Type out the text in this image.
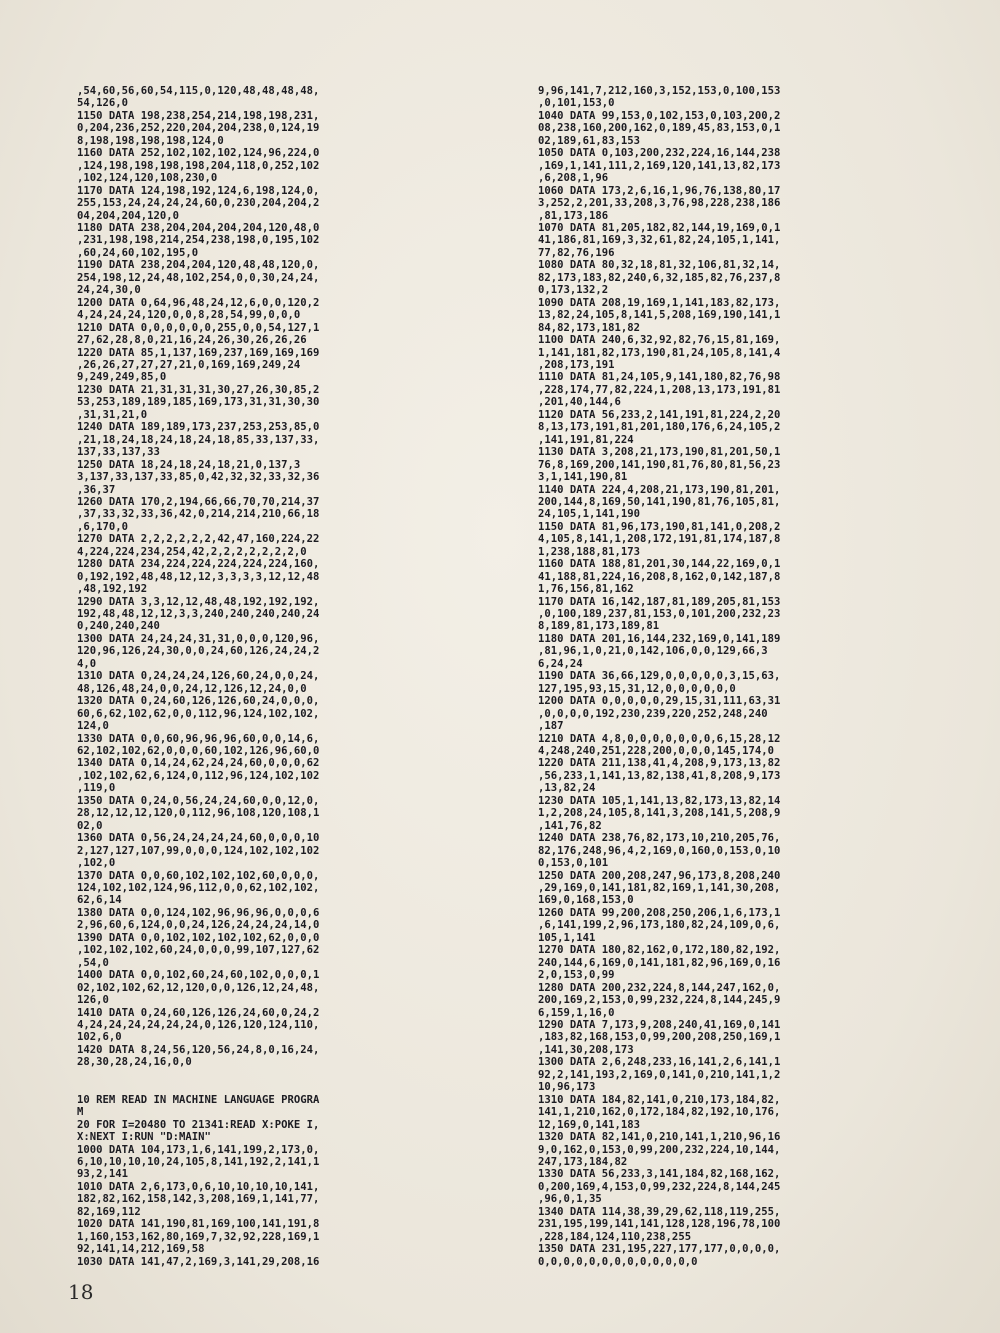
,54,60,56,60,54,115,0,120,48,48,48,48,
54,126,0
1150 DATA 198,238,254,214,198,198,231,
0,204,236,252,220,204,204,238,0,124,19
8,198,198,198,198,124,0
1160 DATA 252,102,102,102,124,96,224,0
,124,198,198,198,198,204,118,0,252,102
,102,124,120,108,230,0
1170 DATA 124,198,192,124,6,198,124,0,
255,153,24,24,24,24,60,0,230,204,204,2
04,204,204,120,0
1180 DATA 238,204,204,204,204,120,48,0
,231,198,198,214,254,238,198,0,195,102
,60,24,60,102,195,0
1190 DATA 238,204,204,120,48,48,120,0,
254,198,12,24,48,102,254,0,0,30,24,24,
24,24,30,0
1200 DATA 0,64,96,48,24,12,6,0,0,120,2
4,24,24,24,120,0,0,8,28,54,99,0,0,0
1210 DATA 0,0,0,0,0,0,255,0,0,54,127,1
27,62,28,8,0,21,16,24,26,30,26,26,26
1220 DATA 85,1,137,169,237,169,169,169
,26,26,27,27,27,21,0,169,169,249,24
9,249,249,85,0
1230 DATA 21,31,31,31,30,27,26,30,85,2
53,253,189,189,185,169,173,31,31,30,30
,31,31,21,0
1240 DATA 189,189,173,237,253,253,85,0
,21,18,24,18,24,18,24,18,85,33,137,33,
137,33,137,33
1250 DATA 18,24,18,24,18,21,0,137,3
3,137,33,137,33,85,0,42,32,32,33,32,36
,36,37
1260 DATA 170,2,194,66,66,70,70,214,37
,37,33,32,33,36,42,0,214,214,210,66,18
,6,170,0
1270 DATA 2,2,2,2,2,2,42,47,160,224,22
4,224,224,234,254,42,2,2,2,2,2,2,2,0
1280 DATA 234,224,224,224,224,224,160,
0,192,192,48,48,12,12,3,3,3,3,12,12,48
,48,192,192
1290 DATA 3,3,12,12,48,48,192,192,192,
192,48,48,12,12,3,3,240,240,240,240,24
0,240,240,240
1300 DATA 24,24,24,31,31,0,0,0,120,96,
120,96,126,24,30,0,0,24,60,126,24,24,2
4,0
1310 DATA 0,24,24,24,126,60,24,0,0,24,
48,126,48,24,0,0,24,12,126,12,24,0,0
1320 DATA 0,24,60,126,126,60,24,0,0,0,
60,6,62,102,62,0,0,112,96,124,102,102,
124,0
1330 DATA 0,0,60,96,96,96,60,0,0,14,6,
62,102,102,62,0,0,0,60,102,126,96,60,0
1340 DATA 0,14,24,62,24,24,60,0,0,0,62
,102,102,62,6,124,0,112,96,124,102,102
,119,0
1350 DATA 0,24,0,56,24,24,60,0,0,12,0,
28,12,12,12,120,0,112,96,108,120,108,1
02,0
1360 DATA 0,56,24,24,24,24,60,0,0,0,10
2,127,127,107,99,0,0,0,124,102,102,102
,102,0
1370 DATA 0,0,60,102,102,102,60,0,0,0,
124,102,102,124,96,112,0,0,62,102,102,
62,6,14
1380 DATA 0,0,124,102,96,96,96,0,0,0,6
2,96,60,6,124,0,0,24,126,24,24,24,14,0
1390 DATA 0,0,102,102,102,102,62,0,0,0
,102,102,102,60,24,0,0,0,99,107,127,62
,54,0
1400 DATA 0,0,102,60,24,60,102,0,0,0,1
02,102,102,62,12,120,0,0,126,12,24,48,
126,0
1410 DATA 0,24,60,126,126,24,60,0,24,2
4,24,24,24,24,24,24,0,126,120,124,110,
102,6,0
1420 DATA 8,24,56,120,56,24,8,0,16,24,
28,30,28,24,16,0,0

10 REM READ IN MACHINE LANGUAGE PROGRA
M
20 FOR I=20480 TO 21341:READ X:POKE I,
X:NEXT I:RUN "D:MAIN"
1000 DATA 104,173,1,6,141,199,2,173,0,
6,10,10,10,10,24,105,8,141,192,2,141,1
93,2,141
1010 DATA 2,6,173,0,6,10,10,10,10,141,
182,82,162,158,142,3,208,169,1,141,77,
82,169,112
1020 DATA 141,190,81,169,100,141,191,8
1,160,153,162,80,169,7,32,92,228,169,1
92,141,14,212,169,58
1030 DATA 141,47,2,169,3,141,29,208,16
9,96,141,7,212,160,3,152,153,0,100,153
,0,101,153,0
1040 DATA 99,153,0,102,153,0,103,200,2
08,238,160,200,162,0,189,45,83,153,0,1
02,189,61,83,153
1050 DATA 0,103,200,232,224,16,144,238
,169,1,141,111,2,169,120,141,13,82,173
,6,208,1,96
1060 DATA 173,2,6,16,1,96,76,138,80,17
3,252,2,201,33,208,3,76,98,228,238,186
,81,173,186
1070 DATA 81,205,182,82,144,19,169,0,1
41,186,81,169,3,32,61,82,24,105,1,141,
77,82,76,196
1080 DATA 80,32,18,81,32,106,81,32,14,
82,173,183,82,240,6,32,185,82,76,237,8
0,173,132,2
1090 DATA 208,19,169,1,141,183,82,173,
13,82,24,105,8,141,5,208,169,190,141,1
84,82,173,181,82
1100 DATA 240,6,32,92,82,76,15,81,169,
1,141,181,82,173,190,81,24,105,8,141,4
,208,173,191
1110 DATA 81,24,105,9,141,180,82,76,98
,228,174,77,82,224,1,208,13,173,191,81
,201,40,144,6
1120 DATA 56,233,2,141,191,81,224,2,20
8,13,173,191,81,201,180,176,6,24,105,2
,141,191,81,224
1130 DATA 3,208,21,173,190,81,201,50,1
76,8,169,200,141,190,81,76,80,81,56,23
3,1,141,190,81
1140 DATA 224,4,208,21,173,190,81,201,
200,144,8,169,50,141,190,81,76,105,81,
24,105,1,141,190
1150 DATA 81,96,173,190,81,141,0,208,2
4,105,8,141,1,208,172,191,81,174,187,8
1,238,188,81,173
1160 DATA 188,81,201,30,144,22,169,0,1
41,188,81,224,16,208,8,162,0,142,187,8
1,76,156,81,162
1170 DATA 16,142,187,81,189,205,81,153
,0,100,189,237,81,153,0,101,200,232,23
8,189,81,173,189,81
1180 DATA 201,16,144,232,169,0,141,189
,81,96,1,0,21,0,142,106,0,0,129,66,3
6,24,24
1190 DATA 36,66,129,0,0,0,0,0,3,15,63,
127,195,93,15,31,12,0,0,0,0,0,0
1200 DATA 0,0,0,0,0,29,15,31,111,63,31
,0,0,0,0,192,230,239,220,252,248,240
,187
1210 DATA 4,8,0,0,0,0,0,0,0,6,15,28,12
4,248,240,251,228,200,0,0,0,145,174,0
1220 DATA 211,138,41,4,208,9,173,13,82
,56,233,1,141,13,82,138,41,8,208,9,173
,13,82,24
1230 DATA 105,1,141,13,82,173,13,82,14
1,2,208,24,105,8,141,3,208,141,5,208,9
,141,76,82
1240 DATA 238,76,82,173,10,210,205,76,
82,176,248,96,4,2,169,0,160,0,153,0,10
0,153,0,101
1250 DATA 200,208,247,96,173,8,208,240
,29,169,0,141,181,82,169,1,141,30,208,
169,0,168,153,0
1260 DATA 99,200,208,250,206,1,6,173,1
,6,141,199,2,96,173,180,82,24,109,0,6,
105,1,141
1270 DATA 180,82,162,0,172,180,82,192,
240,144,6,169,0,141,181,82,96,169,0,16
2,0,153,0,99
1280 DATA 200,232,224,8,144,247,162,0,
200,169,2,153,0,99,232,224,8,144,245,9
6,159,1,16,0
1290 DATA 7,173,9,208,240,41,169,0,141
,183,82,168,153,0,99,200,208,250,169,1
,141,30,208,173
1300 DATA 2,6,248,233,16,141,2,6,141,1
92,2,141,193,2,169,0,141,0,210,141,1,2
10,96,173
1310 DATA 184,82,141,0,210,173,184,82,
141,1,210,162,0,172,184,82,192,10,176,
12,169,0,141,183
1320 DATA 82,141,0,210,141,1,210,96,16
9,0,162,0,153,0,99,200,232,224,10,144,
247,173,184,82
1330 DATA 56,233,3,141,184,82,168,162,
0,200,169,4,153,0,99,232,224,8,144,245
,96,0,1,35
1340 DATA 114,38,39,29,62,118,119,255,
231,195,199,141,141,128,128,196,78,100
,228,184,124,110,238,255
1350 DATA 231,195,227,177,177,0,0,0,0,
0,0,0,0,0,0,0,0,0,0,0,0,0
18
